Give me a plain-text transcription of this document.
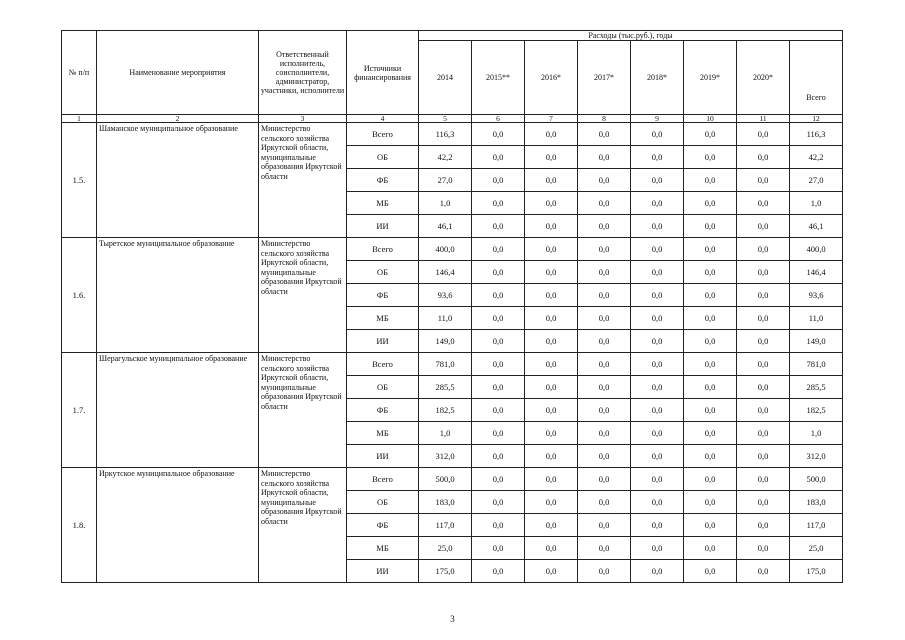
№ п/п	Наименование мероприятия	Ответственный исполнитель, соисполнители, администратор, участники, исполнители	Источники финансирования	Расходы (тыс.руб.), годы							
				2014	2015**	2016*	2017*	2018*	2019*	2020*	Всего
1	2	3	4	5	6	7	8	9	10	11	12
1.5.	Шаманское муниципальное образование	Министерство сельского хозяйства Иркутской области, муниципальные образования Иркутской области	Всего	116,3	0,0	0,0	0,0	0,0	0,0	0,0	116,3
			ОБ	42,2	0,0	0,0	0,0	0,0	0,0	0,0	42,2
			ФБ	27,0	0,0	0,0	0,0	0,0	0,0	0,0	27,0
			МБ	1,0	0,0	0,0	0,0	0,0	0,0	0,0	1,0
			ИИ	46,1	0,0	0,0	0,0	0,0	0,0	0,0	46,1
1.6.	Тыретское муниципальное образование	Министерство сельского хозяйства Иркутской области, муниципальные образования Иркутской области	Всего	400,0	0,0	0,0	0,0	0,0	0,0	0,0	400,0
			ОБ	146,4	0,0	0,0	0,0	0,0	0,0	0,0	146,4
			ФБ	93,6	0,0	0,0	0,0	0,0	0,0	0,0	93,6
			МБ	11,0	0,0	0,0	0,0	0,0	0,0	0,0	11,0
			ИИ	149,0	0,0	0,0	0,0	0,0	0,0	0,0	149,0
1.7.	Шерагульское муниципальное образование	Министерство сельского хозяйства Иркутской области, муниципальные образования Иркутской области	Всего	781,0	0,0	0,0	0,0	0,0	0,0	0,0	781,0
			ОБ	285,5	0,0	0,0	0,0	0,0	0,0	0,0	285,5
			ФБ	182,5	0,0	0,0	0,0	0,0	0,0	0,0	182,5
			МБ	1,0	0,0	0,0	0,0	0,0	0,0	0,0	1,0
			ИИ	312,0	0,0	0,0	0,0	0,0	0,0	0,0	312,0
1.8.	Иркутское муниципальное образование	Министерство сельского хозяйства Иркутской области, муниципальные образования Иркутской области	Всего	500,0	0,0	0,0	0,0	0,0	0,0	0,0	500,0
			ОБ	183,0	0,0	0,0	0,0	0,0	0,0	0,0	183,0
			ФБ	117,0	0,0	0,0	0,0	0,0	0,0	0,0	117,0
			МБ	25,0	0,0	0,0	0,0	0,0	0,0	0,0	25,0
			ИИ	175,0	0,0	0,0	0,0	0,0	0,0	0,0	175,0
3
